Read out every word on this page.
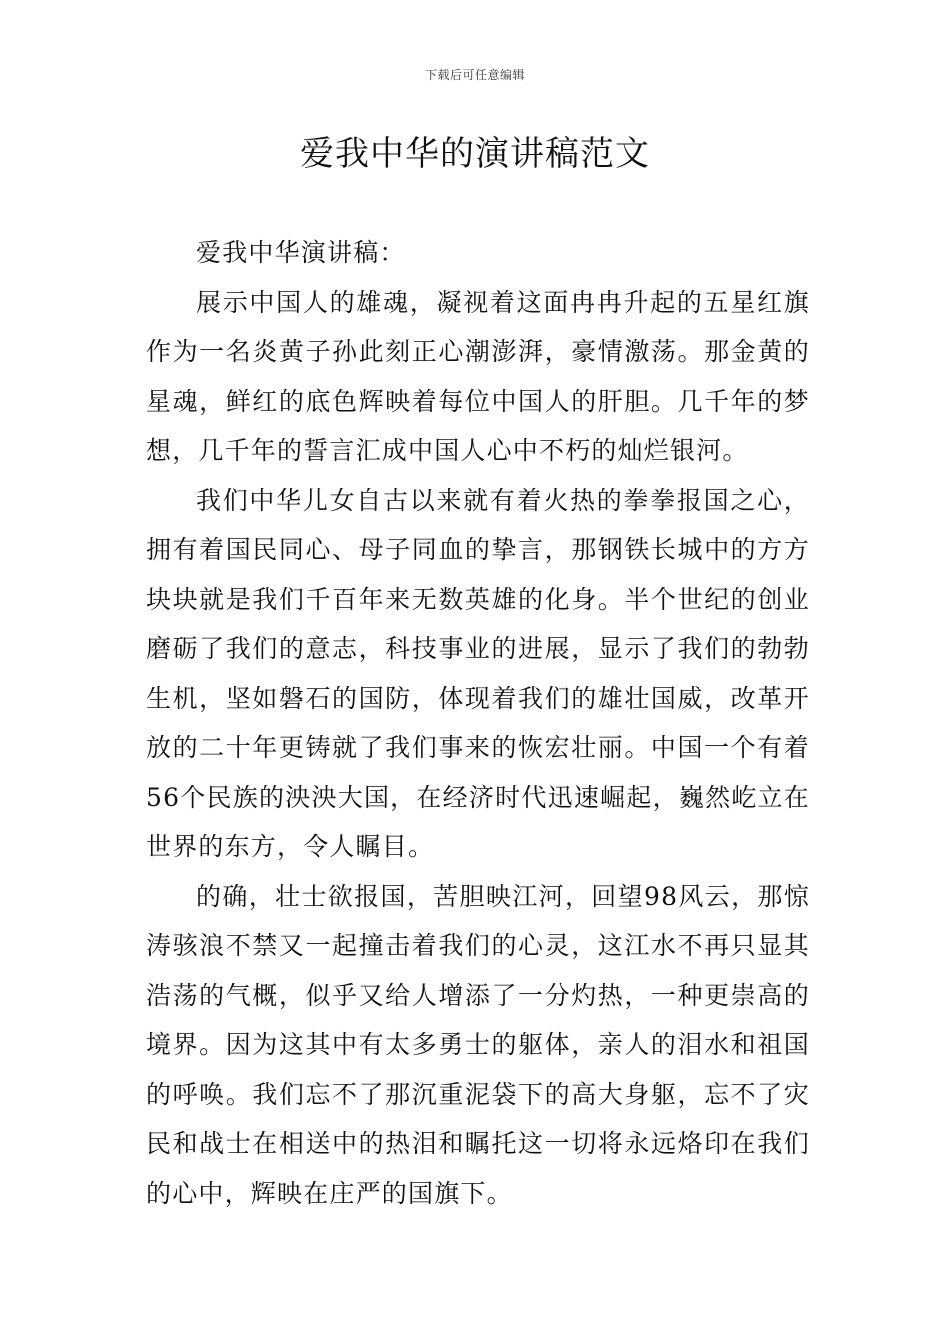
下载后可任意编辑
爱我中华的演讲稿范文

爱我中华演讲稿：

展示中国人的雄魂，凝视着这面冉冉升起的五星红旗作为一名炎黄子孙此刻正心潮澎湃，豪情激荡。那金黄的星魂，鲜红的底色辉映着每位中国人的肝胆。几千年的梦想，几千年的誓言汇成中国人心中不朽的灿烂银河。

我们中华儿女自古以来就有着火热的拳拳报国之心，拥有着国民同心、母子同血的挚言，那钢铁长城中的方方块块就是我们千百年来无数英雄的化身。半个世纪的创业磨砺了我们的意志，科技事业的进展，显示了我们的勃勃生机，坚如磐石的国防，体现着我们的雄壮国威，改革开放的二十年更铸就了我们事来的恢宏壮丽。中国一个有着56个民族的泱泱大国，在经济时代迅速崛起，巍然屹立在世界的东方，令人瞩目。

的确，壮士欲报国，苦胆映江河，回望98风云，那惊涛骇浪不禁又一起撞击着我们的心灵，这江水不再只显其浩荡的气概，似乎又给人增添了一分灼热，一种更崇高的境界。因为这其中有太多勇士的躯体，亲人的泪水和祖国的呼唤。我们忘不了那沉重泥袋下的高大身躯，忘不了灾民和战士在相送中的热泪和瞩托这一切将永远烙印在我们的心中，辉映在庄严的国旗下。
